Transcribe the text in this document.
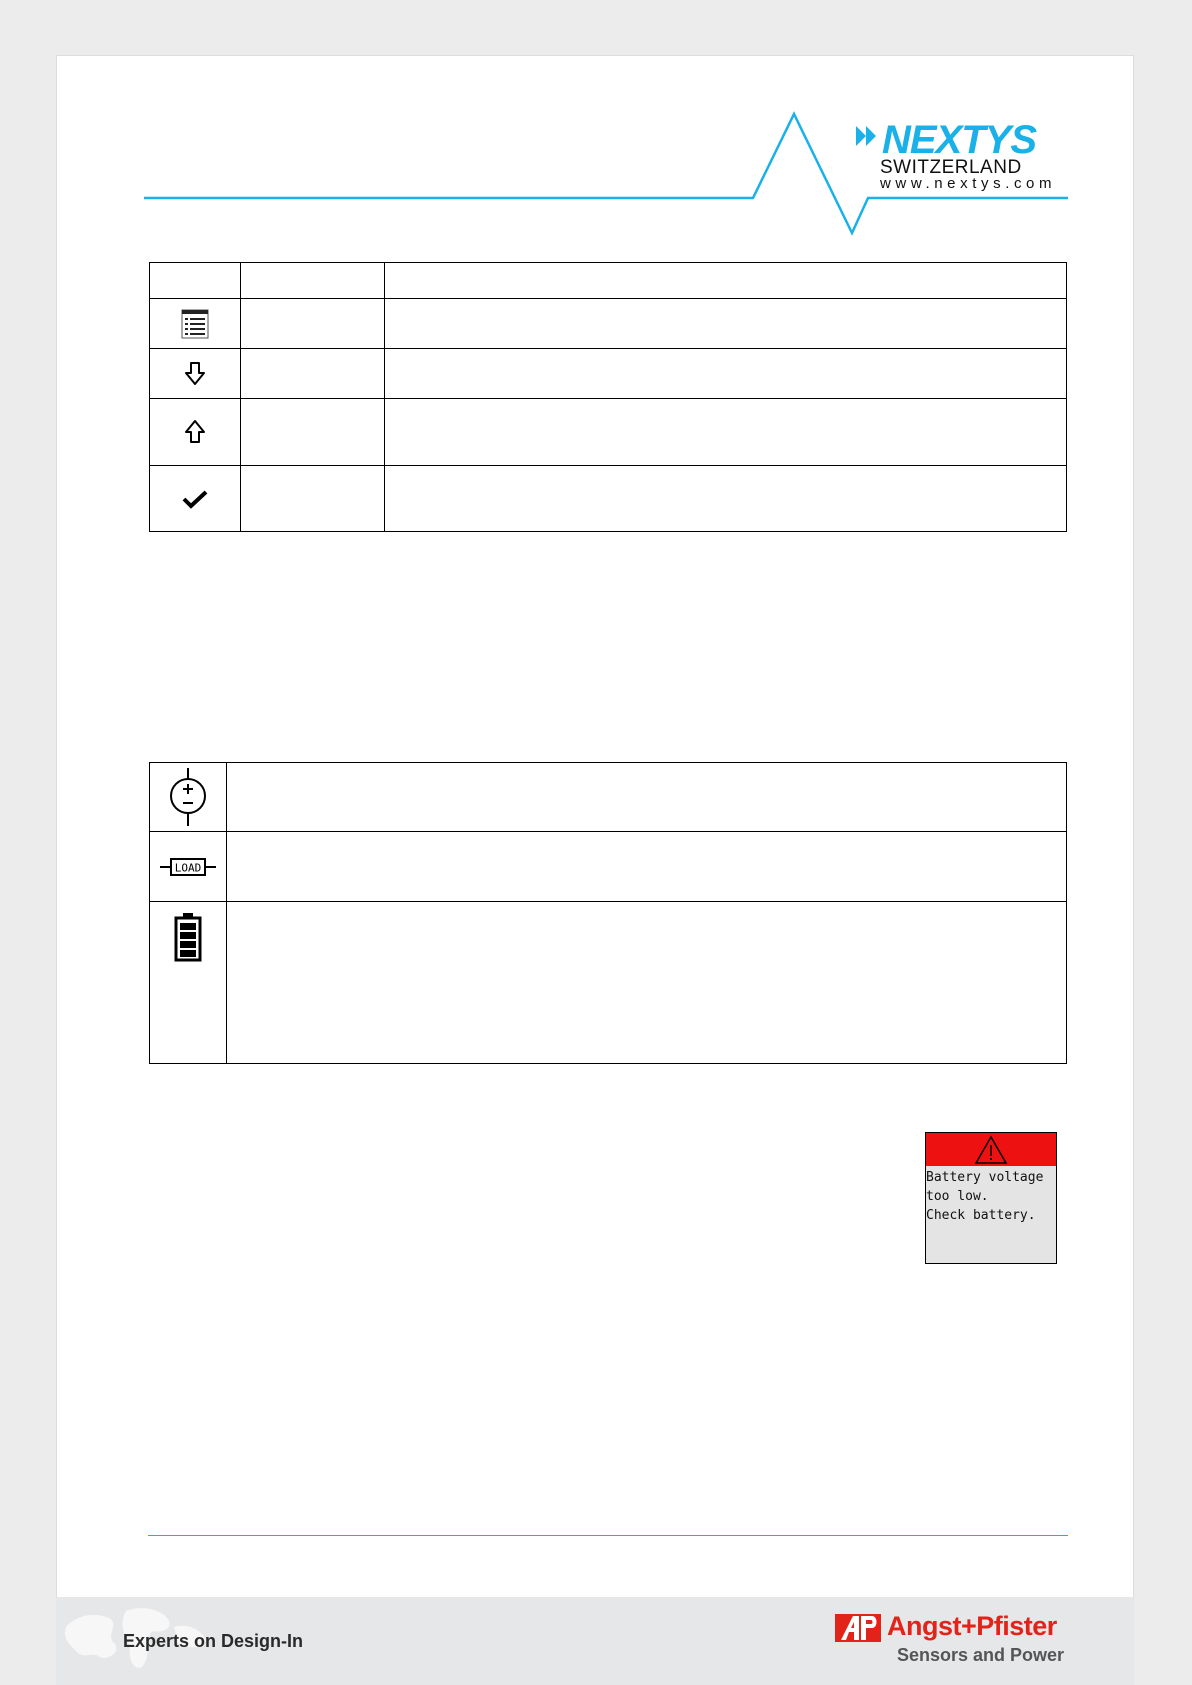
NEXTYS
SWITZERLAND
www.nextys.com

LOAD	

Battery voltage
too low.
Check battery.
Experts on Design-In	Angst+Pfister
Sensors and Power
